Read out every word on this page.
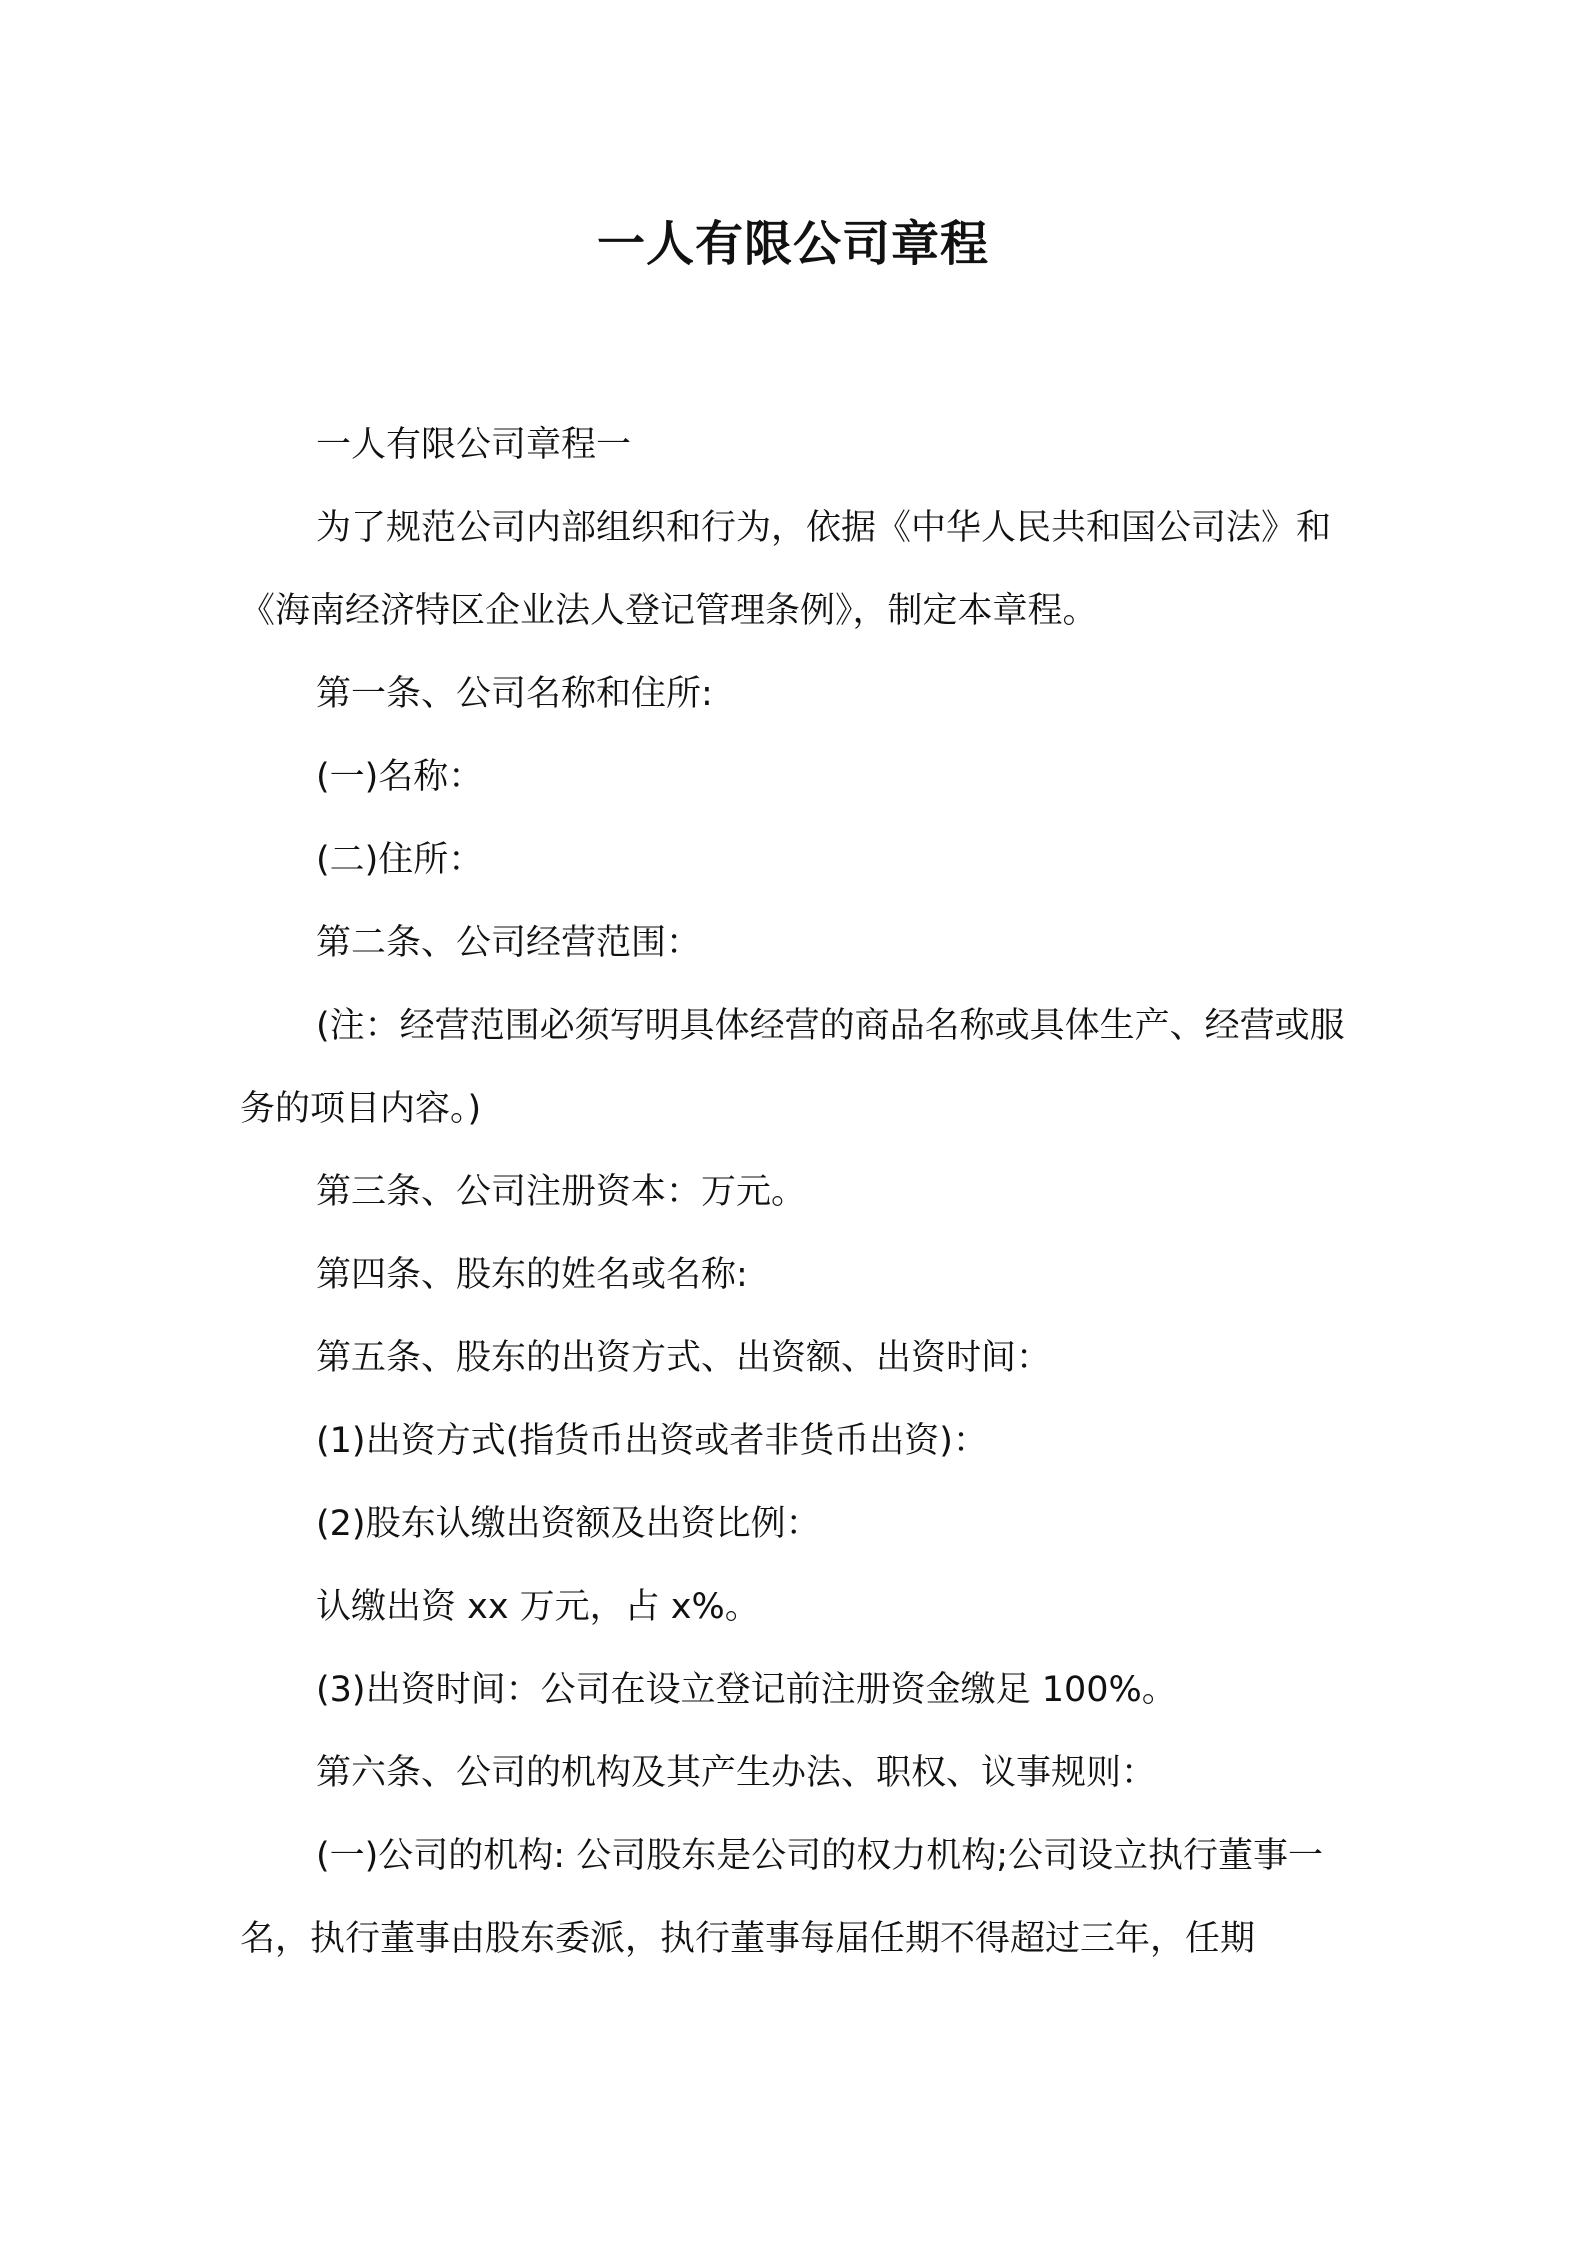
一人有限公司章程

一人有限公司章程一

为了规范公司内部组织和行为，依据《中华人民共和国公司法》和《海南经济特区企业法人登记管理条例》，制定本章程。

第一条、公司名称和住所:

(一)名称：

(二)住所：

第二条、公司经营范围：

(注：经营范围必须写明具体经营的商品名称或具体生产、经营或服务的项目内容。)

第三条、公司注册资本：万元。

第四条、股东的姓名或名称:

第五条、股东的出资方式、出资额、出资时间：

(1)出资方式(指货币出资或者非货币出资)：

(2)股东认缴出资额及出资比例：

认缴出资 xx 万元，占 x%。

(3)出资时间：公司在设立登记前注册资金缴足 100%。

第六条、公司的机构及其产生办法、职权、议事规则：

(一)公司的机构: 公司股东是公司的权力机构;公司设立执行董事一名，执行董事由股东委派，执行董事每届任期不得超过三年，任期
